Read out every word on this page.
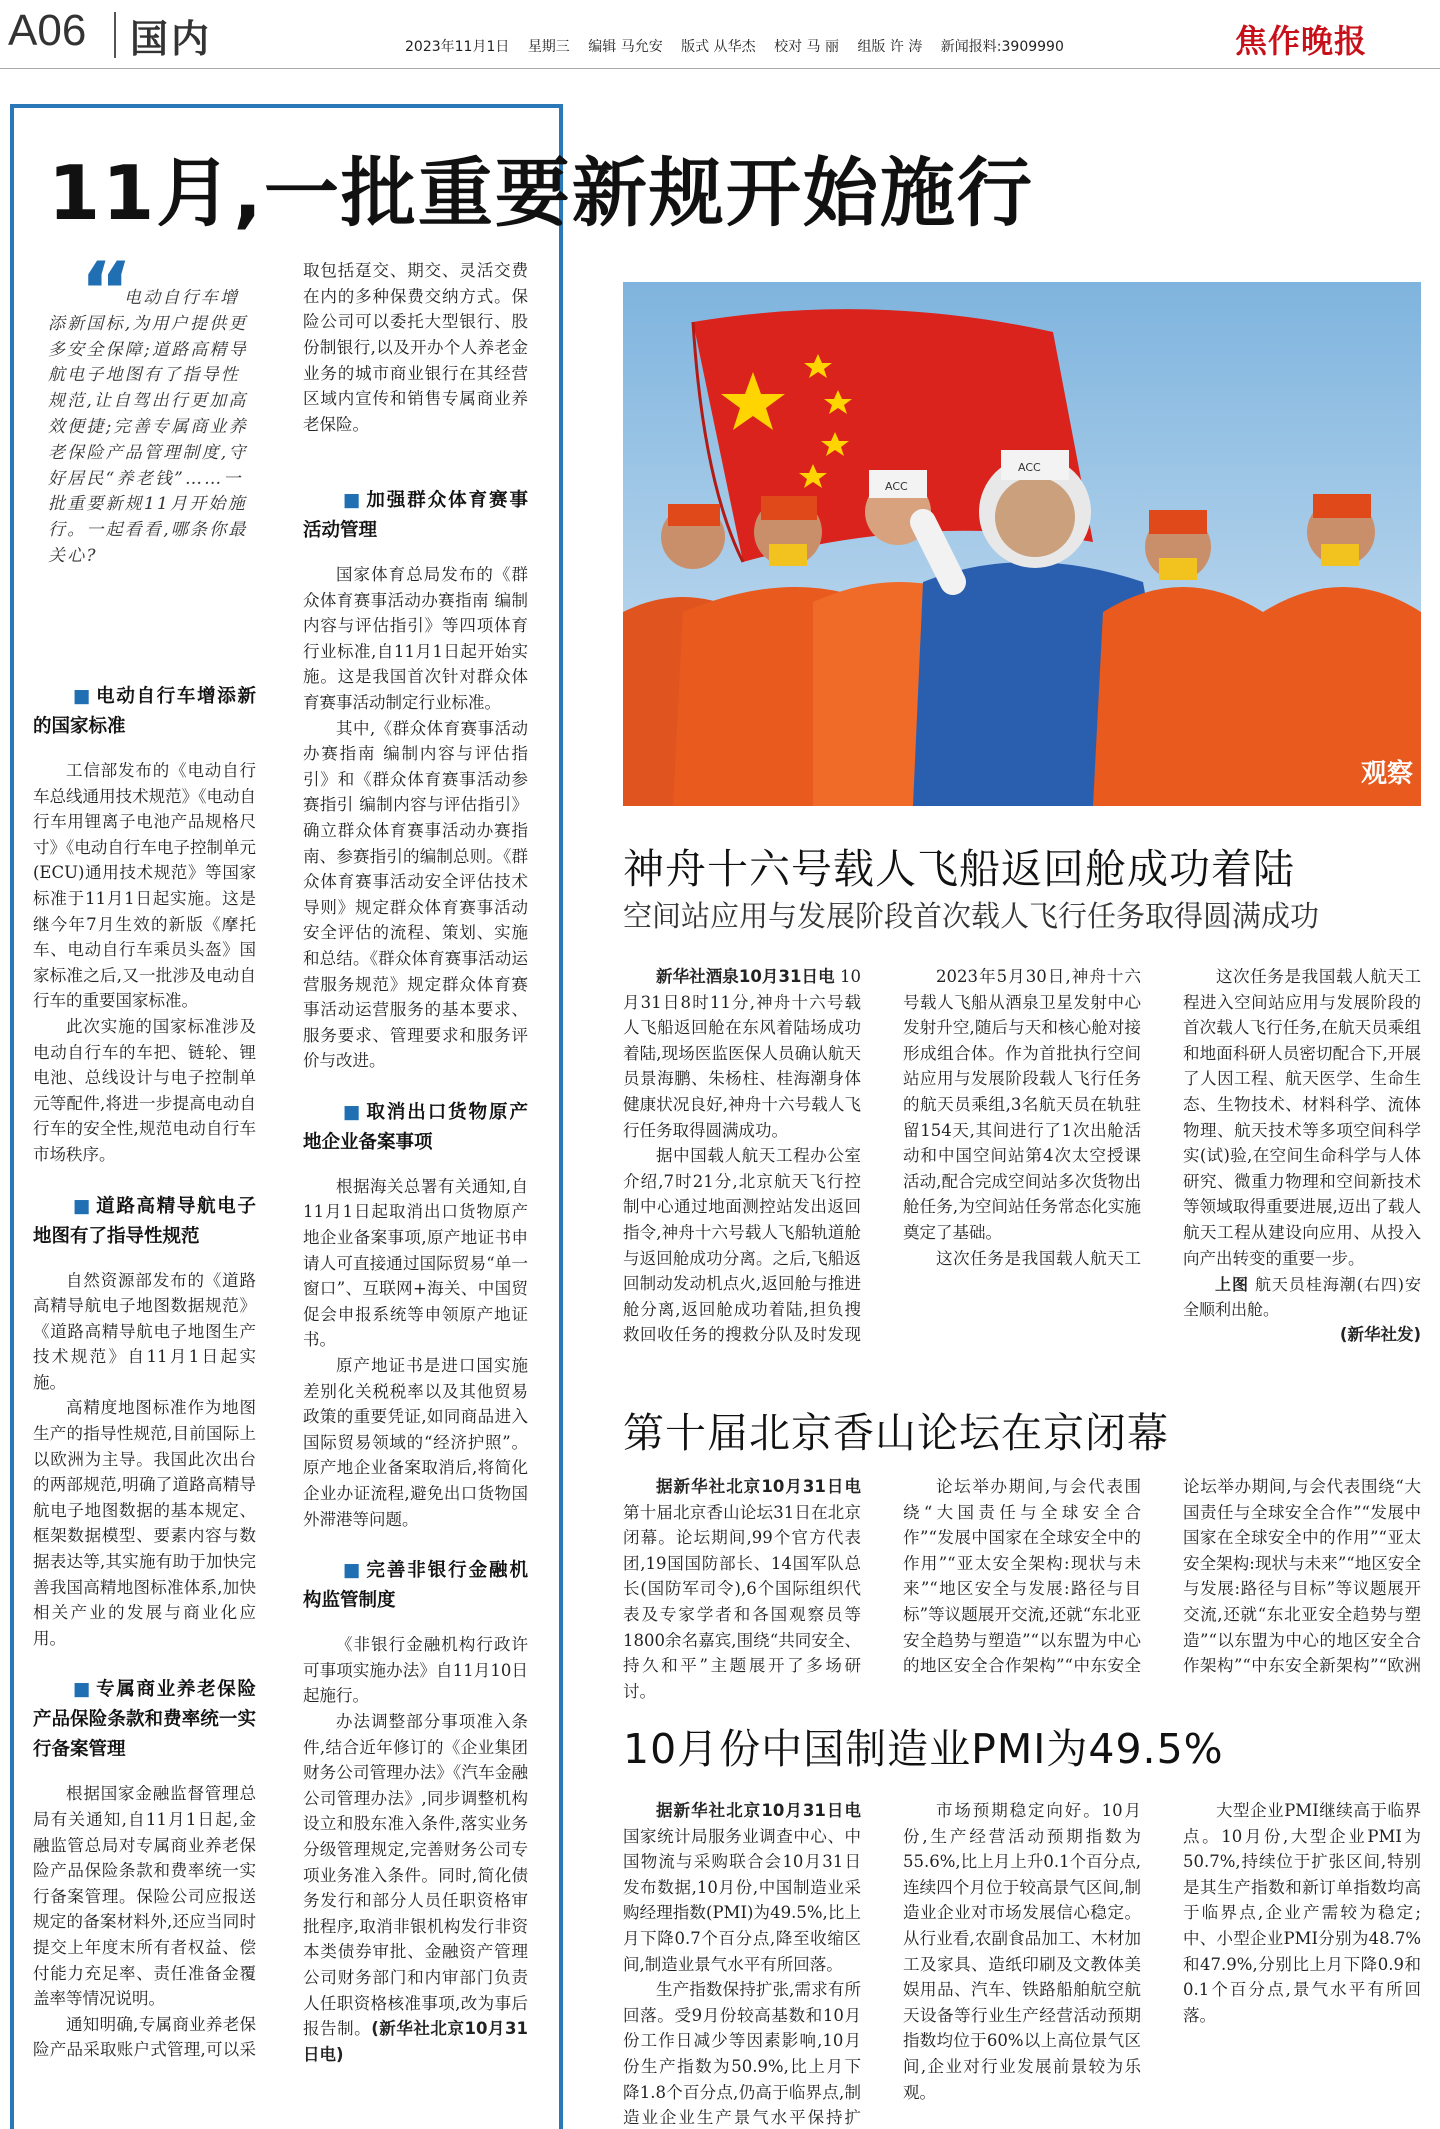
A06 国内	2023年11月1日 星期三 编辑 马允安 版式 从华杰 校对 马 丽 组版 许 涛 新闻报料:3909990	焦作晚报
11月,一批重要新规开始施行
“
电动自行车增添新国标,为用户提供更多安全保障;道路高精导航电子地图有了指导性规范,让自驾出行更加高效便捷;完善专属商业养老保险产品管理制度,守好居民“养老钱”……一批重要新规11月开始施行。一起看看,哪条你最关心?
■ 电动自行车增添新的国家标准

工信部发布的《电动自行车总线通用技术规范》《电动自行车用锂离子电池产品规格尺寸》《电动自行车电子控制单元(ECU)通用技术规范》等国家标准于11月1日起实施。这是继今年7月生效的新版《摩托车、电动自行车乘员头盔》国家标准之后,又一批涉及电动自行车的重要国家标准。

此次实施的国家标准涉及电动自行车的车把、链轮、锂电池、总线设计与电子控制单元等配件,将进一步提高电动自行车的安全性,规范电动自行车市场秩序。

■ 道路高精导航电子地图有了指导性规范

自然资源部发布的《道路高精导航电子地图数据规范》《道路高精导航电子地图生产技术规范》自11月1日起实施。

高精度地图标准作为地图生产的指导性规范,目前国际上以欧洲为主导。我国此次出台的两部规范,明确了道路高精导航电子地图数据的基本规定、框架数据模型、要素内容与数据表达等,其实施有助于加快完善我国高精地图标准体系,加快相关产业的发展与商业化应用。

■ 专属商业养老保险产品保险条款和费率统一实行备案管理

根据国家金融监督管理总局有关通知,自11月1日起,金融监管总局对专属商业养老保险产品保险条款和费率统一实行备案管理。保险公司应报送规定的备案材料外,还应当同时提交上年度末所有者权益、偿付能力充足率、责任准备金覆盖率等情况说明。

通知明确,专属商业养老保险产品采取账户式管理,可以采

取包括趸交、期交、灵活交费在内的多种保费交纳方式。保险公司可以委托大型银行、股份制银行,以及开办个人养老金业务的城市商业银行在其经营区域内宣传和销售专属商业养老保险。

■ 加强群众体育赛事活动管理

国家体育总局发布的《群众体育赛事活动办赛指南 编制内容与评估指引》等四项体育行业标准,自11月1日起开始实施。这是我国首次针对群众体育赛事活动制定行业标准。

其中,《群众体育赛事活动办赛指南 编制内容与评估指引》和《群众体育赛事活动参赛指引 编制内容与评估指引》确立群众体育赛事活动办赛指南、参赛指引的编制总则。《群众体育赛事活动安全评估技术导则》规定群众体育赛事活动安全评估的流程、策划、实施和总结。《群众体育赛事活动运营服务规范》规定群众体育赛事活动运营服务的基本要求、服务要求、管理要求和服务评价与改进。

■ 取消出口货物原产地企业备案事项

根据海关总署有关通知,自11月1日起取消出口货物原产地企业备案事项,原产地证书申请人可直接通过国际贸易“单一窗口”、互联网+海关、中国贸促会申报系统等申领原产地证书。

原产地证书是进口国实施差别化关税税率以及其他贸易政策的重要凭证,如同商品进入国际贸易领域的“经济护照”。原产地企业备案取消后,将简化企业办证流程,避免出口货物国外滞港等问题。

■ 完善非银行金融机构监管制度

《非银行金融机构行政许可事项实施办法》自11月10日起施行。

办法调整部分事项准入条件,结合近年修订的《企业集团财务公司管理办法》《汽车金融公司管理办法》,同步调整机构设立和股东准入条件,落实业务分级管理规定,完善财务公司专项业务准入条件。同时,简化债务发行和部分人员任职资格审批程序,取消非银机构发行非资本类债券审批、金融资产管理公司财务部门和内审部门负责人任职资格核准事项,改为事后报告制。(新华社北京10月31日电)

ACC
ACC
观察
神舟十六号载人飞船返回舱成功着陆
空间站应用与发展阶段首次载人飞行任务取得圆满成功

新华社酒泉10月31日电 10月31日8时11分,神舟十六号载人飞船返回舱在东风着陆场成功着陆,现场医监医保人员确认航天员景海鹏、朱杨柱、桂海潮身体健康状况良好,神舟十六号载人飞行任务取得圆满成功。

据中国载人航天工程办公室介绍,7时21分,北京航天飞行控制中心通过地面测控站发出返回指令,神舟十六号载人飞船轨道舱与返回舱成功分离。之后,飞船返回制动发动机点火,返回舱与推进舱分离,返回舱成功着陆,担负搜救回收任务的搜救分队及时发现

2023年5月30日,神舟十六号载人飞船从酒泉卫星发射中心发射升空,随后与天和核心舱对接形成组合体。作为首批执行空间站应用与发展阶段载人飞行任务的航天员乘组,3名航天员在轨驻留154天,其间进行了1次出舱活动和中国空间站第4次太空授课活动,配合完成空间站多次货物出舱任务,为空间站任务常态化实施奠定了基础。

这次任务是我国载人航天工

这次任务是我国载人航天工程进入空间站应用与发展阶段的首次载人飞行任务,在航天员乘组和地面科研人员密切配合下,开展了人因工程、航天医学、生命生态、生物技术、材料科学、流体物理、航天技术等多项空间科学实(试)验,在空间生命科学与人体研究、微重力物理和空间新技术等领域取得重要进展,迈出了载人航天工程从建设向应用、从投入向产出转变的重要一步。

上图 航天员桂海潮(右四)安全顺利出舱。

(新华社发)

第十届北京香山论坛在京闭幕

据新华社北京10月31日电 第十届北京香山论坛31日在北京闭幕。论坛期间,99个官方代表团,19国国防部长、14国军队总长(国防军司令),6个国际组织代表及专家学者和各国观察员等1800余名嘉宾,围绕“共同安全、持久和平”主题展开了多场研讨。

论坛举办期间,与会代表围绕“大国责任与全球安全合作”“发展中国家在全球安全中的作用”“亚太安全架构:现状与未来”“地区安全与发展:路径与目标”等议题展开交流,还就“东北亚安全趋势与塑造”“以东盟为中心的地区安全合作架构”“中东安全

论坛举办期间,与会代表围绕“大国责任与全球安全合作”“发展中国家在全球安全中的作用”“亚太安全架构:现状与未来”“地区安全与发展:路径与目标”等议题展开交流,还就“东北亚安全趋势与塑造”“以东盟为中心的地区安全合作架构”“中东安全新架构”“欧洲

10月份中国制造业PMI为49.5%

据新华社北京10月31日电 国家统计局服务业调查中心、中国物流与采购联合会10月31日发布数据,10月份,中国制造业采购经理指数(PMI)为49.5%,比上月下降0.7个百分点,降至收缩区间,制造业景气水平有所回落。

生产指数保持扩张,需求有所回落。受9月份较高基数和10月份工作日减少等因素影响,10月份生产指数为50.9%,比上月下降1.8个百分点,仍高于临界点,制造业企业生产景气水平保持扩

市场预期稳定向好。10月份,生产经营活动预期指数为55.6%,比上月上升0.1个百分点,连续四个月位于较高景气区间,制造业企业对市场发展信心稳定。从行业看,农副食品加工、木材加工及家具、造纸印刷及文教体美娱用品、汽车、铁路船舶航空航天设备等行业生产经营活动预期指数均位于60%以上高位景气区间,企业对行业发展前景较为乐观。

大型企业PMI继续高于临界点。10月份,大型企业PMI为50.7%,持续位于扩张区间,特别是其生产指数和新订单指数均高于临界点,企业产需较为稳定;中、小型企业PMI分别为48.7%和47.9%,分别比上月下降0.9和0.1个百分点,景气水平有所回落。
